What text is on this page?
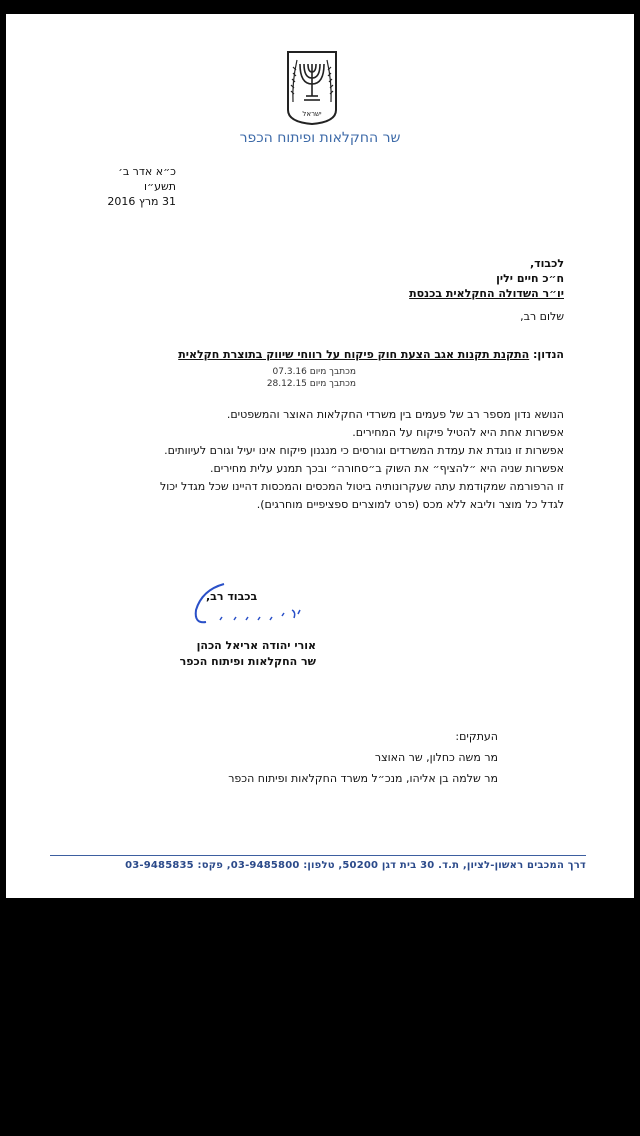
ישראל
שר החקלאות ופיתוח הכפר
כ״א אדר ב׳ תשע״ו
31 מרץ 2016
לכבוד,
ח״כ חיים ילין
יו״ר השדולה החקלאית בכנסת
שלום רב,
הנדון: התקנת תקנות אגב הצעת חוק פיקוח על רווחי שיווק בתוצרת חקלאית
מכתבך מיום 07.3.16
מכתבך מיום 28.12.15

הנושא נדון מספר רב של פעמים בין משרדי החקלאות האוצר והמשפטים.

אפשרות אחת היא להטיל פיקוח על המחירים.

אפשרות זו נוגדת את עמדת המשרדים וגורסים כי מנגנון פיקוח אינו יעיל וגורם לעיוותים.

אפשרות שניה היא ״להציף״ את השוק ב״סחורה״ ובכך תמנע עלית מחירים.

זו הרפורמה שמקודמת עתה שעקרונותיה ביטול המכסים והמכסות דהיינו שכל מגדל יכול

לגדל כל מוצר וליבא ללא מכס (פרט למוצרים ספציפיים מוחרגים).

בכבוד רב,
אורי יהודה אריאל הכהן
שר החקלאות ופיתוח הכפר

העתקים:

מר משה כחלון, שר האוצר

מר שלמה בן אליהו, מנכ״ל משרד החקלאות ופיתוח הכפר

דרך המכבים ראשון-לציון, ת.ד. 30 בית דגן 50200, טלפון: 03-9485800, פקס: 03-9485835
